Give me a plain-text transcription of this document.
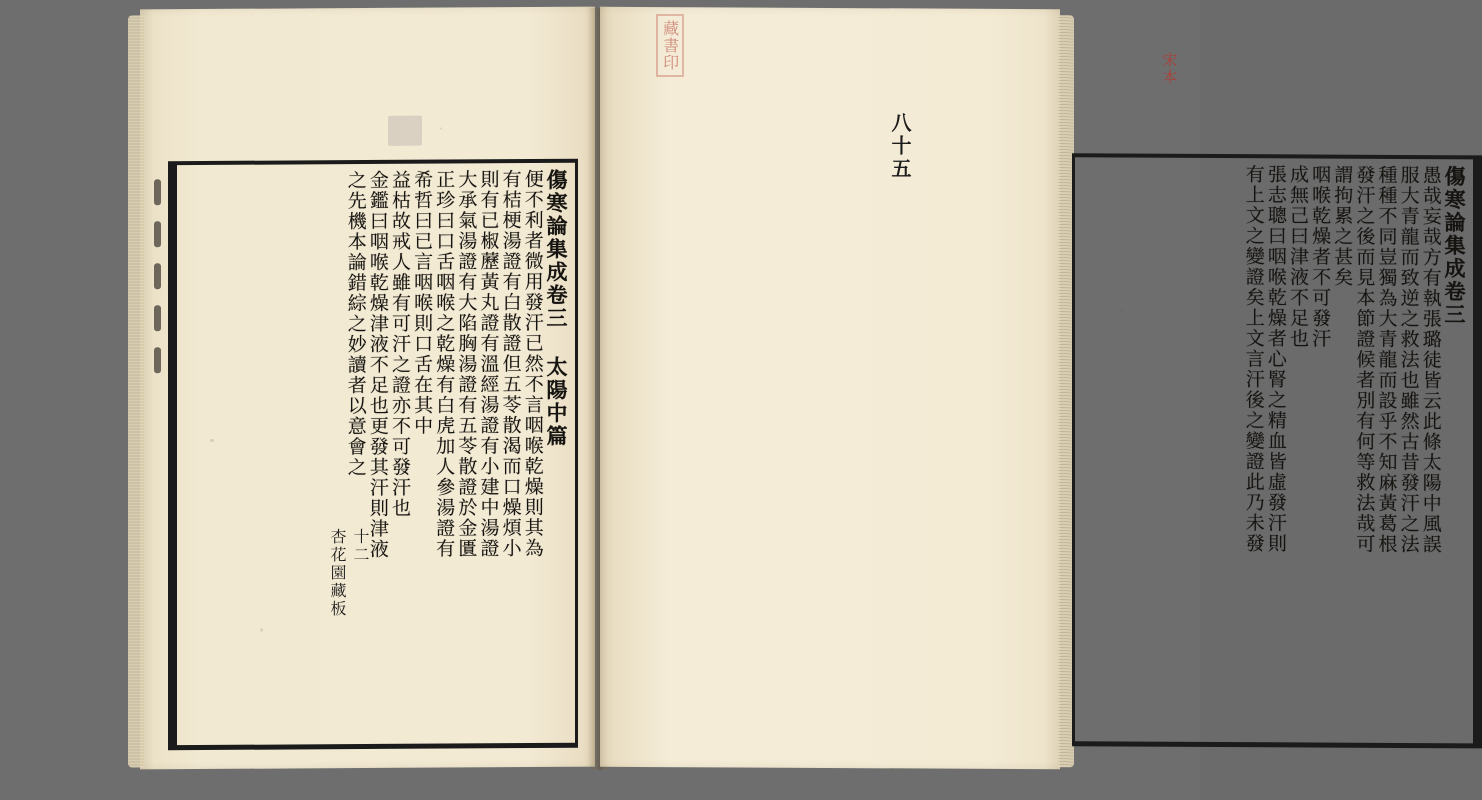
傷寒論集成卷三 太陽中篇
便不利者微用發汗已然不言咽喉乾燥則其為
有桔梗湯證有白散證但五苓散渴而口燥煩小
則有已椒藶黃丸證有溫經湯證有小建中湯證
大承氣湯證有大陷胸湯證有五苓散證於金匱
正珍曰口舌咽喉之乾燥有白虎加人參湯證有
希哲曰已言咽喉則口舌在其中
益枯故戒人雖有可汗之證亦不可發汗也
金鑑曰咽喉乾燥津液不足也更發其汗則津液
之先機本論錯綜之妙讀者以意會之
十二
杏花園藏板
傷寒論集成卷三
愚哉妄哉方有執張璐徒皆云此條太陽中風誤
服大青龍而致逆之救法也雖然古昔發汗之法
種種不同豈獨為大青龍而設乎不知麻黃葛根
發汗之後而見本節證候者別有何等救法哉可
謂拘累之甚矣
咽喉乾燥者不可發汗
成無己曰津液不足也
張志聰曰咽喉乾燥者心腎之精血皆虛發汗則
有上文之變證矣上文言汗後之變證此乃未發
八十五
藏書印	宋本
